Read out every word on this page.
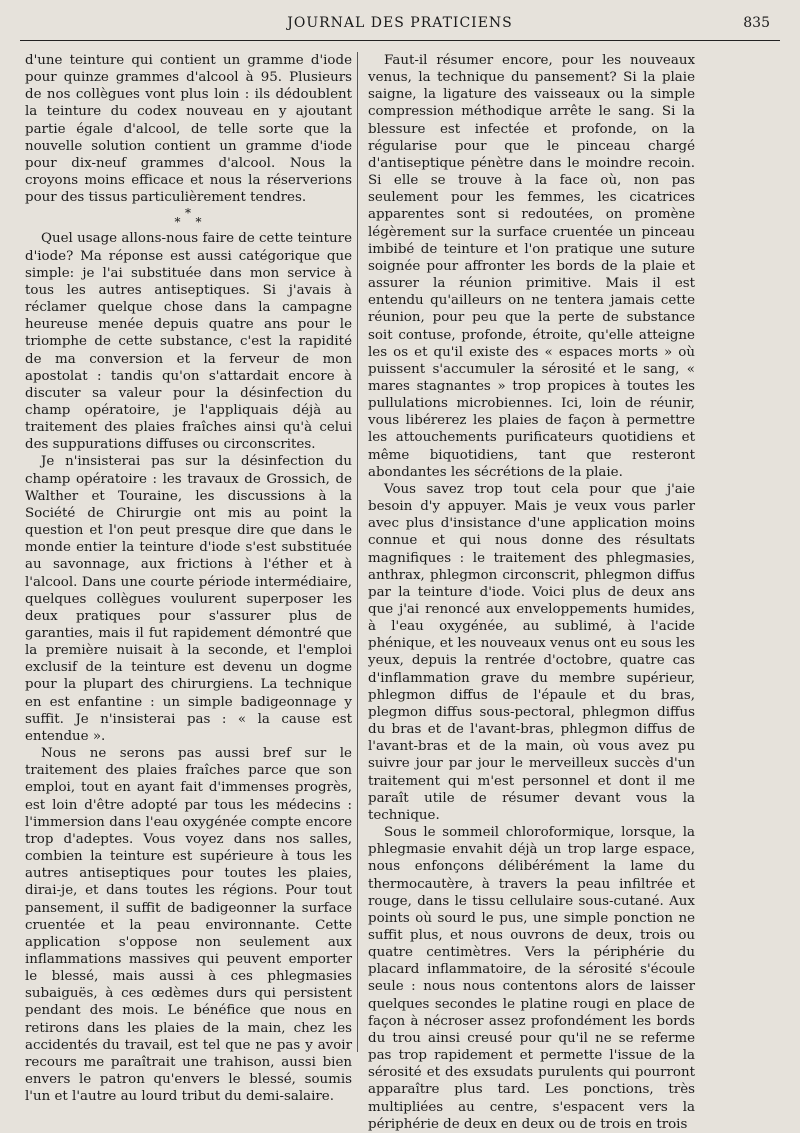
JOURNAL DES PRATICIENS	835

d'une teinture qui contient un gramme d'iode pour quinze grammes d'alcool à 95. Plusieurs de nos collègues vont plus loin : ils dédoublent la teinture du codex nouveau en y ajoutant partie égale d'alcool, de telle sorte que la nouvelle solution contient un gramme d'iode pour dix-neuf grammes d'alcool. Nous la croyons moins efficace et nous la réserverions pour des tissus particulièrement tendres.

*
* *

Quel usage allons-nous faire de cette teinture d'iode? Ma réponse est aussi catégorique que simple: je l'ai substituée dans mon service à tous les autres antiseptiques. Si j'avais à réclamer quelque chose dans la campagne heureuse menée depuis quatre ans pour le triomphe de cette substance, c'est la rapidité de ma conversion et la ferveur de mon apostolat : tandis qu'on s'attardait encore à discuter sa valeur pour la désinfection du champ opératoire, je l'appliquais déjà au traitement des plaies fraîches ainsi qu'à celui des suppurations diffuses ou circonscrites.

Je n'insisterai pas sur la désinfection du champ opératoire : les travaux de Grossich, de Walther et Touraine, les discussions à la Société de Chirurgie ont mis au point la question et l'on peut presque dire que dans le monde entier la teinture d'iode s'est substituée au savonnage, aux frictions à l'éther et à l'alcool. Dans une courte période intermédiaire, quelques collègues voulurent superposer les deux pratiques pour s'assurer plus de garanties, mais il fut rapidement démontré que la première nuisait à la seconde, et l'emploi exclusif de la teinture est devenu un dogme pour la plupart des chirurgiens. La technique en est enfantine : un simple badigeonnage y suffit. Je n'insisterai pas : « la cause est entendue ».

Nous ne serons pas aussi bref sur le traitement des plaies fraîches parce que son emploi, tout en ayant fait d'immenses progrès, est loin d'être adopté par tous les médecins : l'immersion dans l'eau oxygénée compte encore trop d'adeptes. Vous voyez dans nos salles, combien la teinture est supérieure à tous les autres antiseptiques pour toutes les plaies, dirai-je, et dans toutes les régions. Pour tout pansement, il suffit de badigeonner la surface cruentée et la peau environnante. Cette application s'oppose non seulement aux inflammations massives qui peuvent emporter le blessé, mais aussi à ces phlegmasies subaiguës, à ces œdèmes durs qui persistent pendant des mois. Le bénéfice que nous en retirons dans les plaies de la main, chez les accidentés du travail, est tel que ne pas y avoir recours me paraîtrait une trahison, aussi bien envers le patron qu'envers le blessé, soumis l'un et l'autre au lourd tribut du demi-salaire.

Faut-il résumer encore, pour les nouveaux venus, la technique du pansement? Si la plaie saigne, la ligature des vaisseaux ou la simple compression méthodique arrête le sang. Si la blessure est infectée et profonde, on la régularise pour que le pinceau chargé d'antiseptique pénètre dans le moindre recoin. Si elle se trouve à la face où, non pas seulement pour les femmes, les cicatrices apparentes sont si redoutées, on promène légèrement sur la surface cruentée un pinceau imbibé de teinture et l'on pratique une suture soignée pour affronter les bords de la plaie et assurer la réunion primitive. Mais il est entendu qu'ailleurs on ne tentera jamais cette réunion, pour peu que la perte de substance soit contuse, profonde, étroite, qu'elle atteigne les os et qu'il existe des « espaces morts » où puissent s'accumuler la sérosité et le sang, « mares stagnantes » trop propices à toutes les pullulations microbiennes. Ici, loin de réunir, vous libérerez les plaies de façon à permettre les attouchements purificateurs quotidiens et même biquotidiens, tant que resteront abondantes les sécrétions de la plaie.

Vous savez trop tout cela pour que j'aie besoin d'y appuyer. Mais je veux vous parler avec plus d'insistance d'une application moins connue et qui nous donne des résultats magnifiques : le traitement des phlegmasies, anthrax, phlegmon circonscrit, phlegmon diffus par la teinture d'iode. Voici plus de deux ans que j'ai renoncé aux enveloppements humides, à l'eau oxygénée, au sublimé, à l'acide phénique, et les nouveaux venus ont eu sous les yeux, depuis la rentrée d'octobre, quatre cas d'inflammation grave du membre supérieur, phlegmon diffus de l'épaule et du bras, plegmon diffus sous-pectoral, phlegmon diffus du bras et de l'avant-bras, phlegmon diffus de l'avant-bras et de la main, où vous avez pu suivre jour par jour le merveilleux succès d'un traitement qui m'est personnel et dont il me paraît utile de résumer devant vous la technique.

Sous le sommeil chloroformique, lorsque, la phlegmasie envahit déjà un trop large espace, nous enfonçons délibérément la lame du thermocautère, à travers la peau infiltrée et rouge, dans le tissu cellulaire sous-cutané. Aux points où sourd le pus, une simple ponction ne suffit plus, et nous ouvrons de deux, trois ou quatre centimètres. Vers la périphérie du placard inflammatoire, de la sérosité s'écoule seule : nous nous contentons alors de laisser quelques secondes le platine rougi en place de façon à nécroser assez profondément les bords du trou ainsi creusé pour qu'il ne se referme pas trop rapidement et permette l'issue de la sérosité et des exsudats purulents qui pourront apparaître plus tard. Les ponctions, très multipliées au centre, s'espacent vers la périphérie de deux en deux ou de trois en trois
